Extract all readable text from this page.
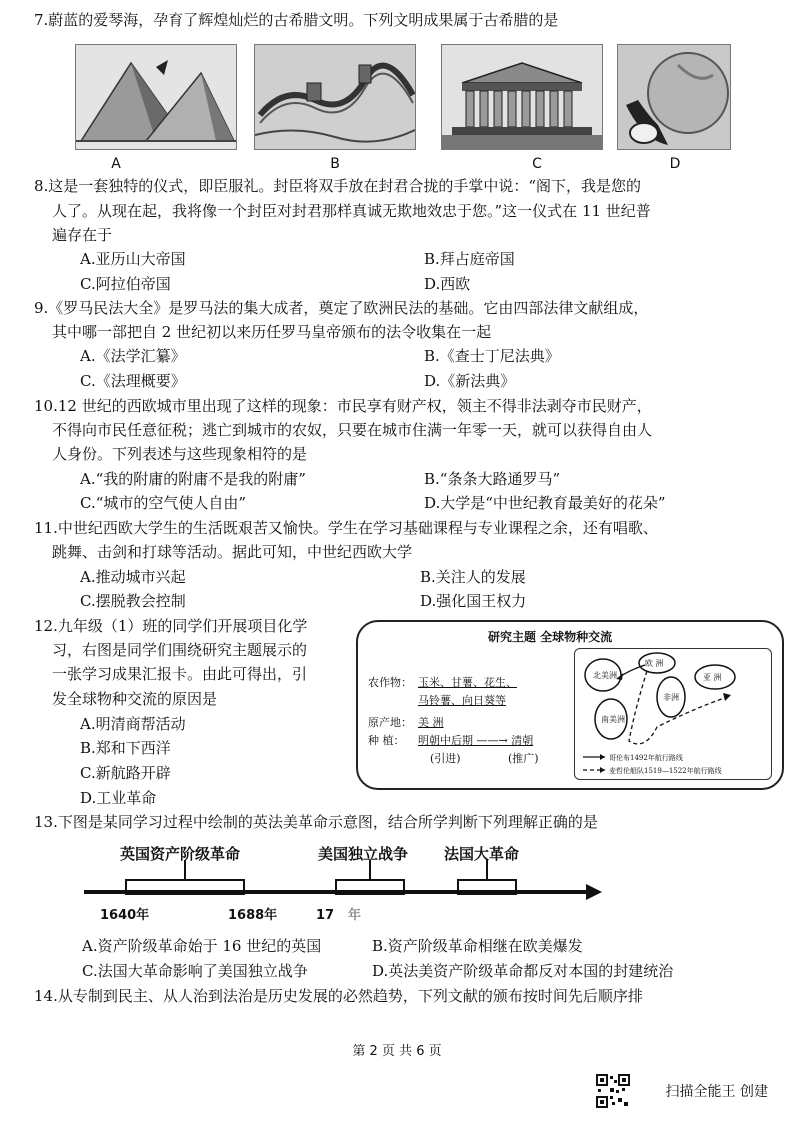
7.蔚蓝的爱琴海，孕育了辉煌灿烂的古希腊文明。下列文明成果属于古希腊的是
A	B	C	D
8.这是一套独特的仪式，即臣服礼。封臣将双手放在封君合拢的手掌中说：“阁下，我是您的
人了。从现在起，我将像一个封臣对封君那样真诚无欺地效忠于您。”这一仪式在 11 世纪普
遍存在于
A.亚历山大帝国	B.拜占庭帝国
C.阿拉伯帝国	D.西欧
9.《罗马民法大全》是罗马法的集大成者，奠定了欧洲民法的基础。它由四部法律文献组成，
其中哪一部把自 2 世纪初以来历任罗马皇帝颁布的法令收集在一起
A.《法学汇纂》	B.《查士丁尼法典》
C.《法理概要》	D.《新法典》
10.12 世纪的西欧城市里出现了这样的现象：市民享有财产权，领主不得非法剥夺市民财产，
不得向市民任意征税；逃亡到城市的农奴，只要在城市住满一年零一天，就可以获得自由人
人身份。下列表述与这些现象相符的是
A.“我的附庸的附庸不是我的附庸”	B.“条条大路通罗马”
C.“城市的空气使人自由”	D.大学是“中世纪教育最美好的花朵”
11.中世纪西欧大学生的生活既艰苦又愉快。学生在学习基础课程与专业课程之余，还有唱歌、
跳舞、击剑和打球等活动。据此可知，中世纪西欧大学
A.推动城市兴起	B.关注人的发展
C.摆脱教会控制	D.强化国王权力
12.九年级（1）班的同学们开展项目化学
习，右图是同学们围绕研究主题展示的
一张学习成果汇报卡。由此可得出，引
发全球物种交流的原因是
A.明清商帮活动
B.郑和下西洋
C.新航路开辟
D.工业革命
研究主题 全球物种交流
农作物： 玉米、甘薯、花生、
马铃薯、向日葵等
原产地： 美 洲
种 植： 明朝中后期 ——→ 清朝
(引进)	(推广)
北美洲
南美洲
欧 洲
非洲
亚 洲
哥伦布1492年航行路线
麦哲伦船队1519—1522年航行路线
13.下图是某同学习过程中绘制的英法美革命示意图，结合所学判断下列理解正确的是
英国资产阶级革命	美国独立战争 法国大革命
1640年	1688年	17 年
A.资产阶级革命始于 16 世纪的英国	B.资产阶级革命相继在欧美爆发
C.法国大革命影响了美国独立战争	D.英法美资产阶级革命都反对本国的封建统治
14.从专制到民主、从人治到法治是历史发展的必然趋势，下列文献的颁布按时间先后顺序排
第 2 页 共 6 页
扫描全能王 创建
